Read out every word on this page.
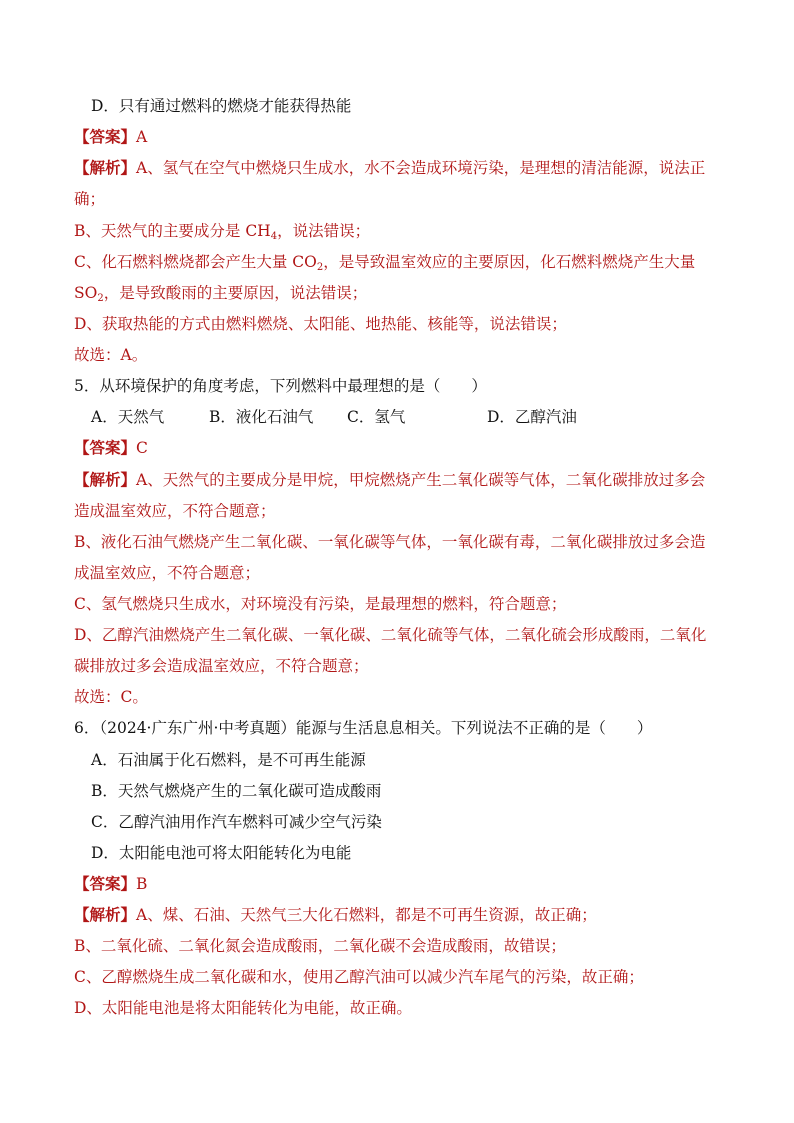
D．只有通过燃料的燃烧才能获得热能
【答案】A
【解析】A、氢气在空气中燃烧只生成水，水不会造成环境污染，是理想的清洁能源，说法正
确；
B、天然气的主要成分是 $CH_4$，说法错误；
C、化石燃料燃烧都会产生大量 $CO_2$，是导致温室效应的主要原因，化石燃料燃烧产生大量
$SO_2$，是导致酸雨的主要原因，说法错误；
D、获取热能的方式由燃料燃烧、太阳能、地热能、核能等，说法错误；
故选：A。
5．从环境保护的角度考虑，下列燃料中最理想的是（　　）
A．天然气	B．液化石油气 C．氢气	D．乙醇汽油
【答案】C
【解析】A、天然气的主要成分是甲烷，甲烷燃烧产生二氧化碳等气体，二氧化碳排放过多会
造成温室效应，不符合题意；
B、液化石油气燃烧产生二氧化碳、一氧化碳等气体，一氧化碳有毒，二氧化碳排放过多会造
成温室效应，不符合题意；
C、氢气燃烧只生成水，对环境没有污染，是最理想的燃料，符合题意；
D、乙醇汽油燃烧产生二氧化碳、一氧化碳、二氧化硫等气体，二氧化硫会形成酸雨，二氧化
碳排放过多会造成温室效应，不符合题意；
故选：C。
6．（2024·广东广州·中考真题）能源与生活息息相关。下列说法不正确的是（　　）
A．石油属于化石燃料，是不可再生能源
B．天然气燃烧产生的二氧化碳可造成酸雨
C．乙醇汽油用作汽车燃料可减少空气污染
D．太阳能电池可将太阳能转化为电能
【答案】B
【解析】A、煤、石油、天然气三大化石燃料，都是不可再生资源，故正确；
B、二氧化硫、二氧化氮会造成酸雨，二氧化碳不会造成酸雨，故错误；
C、乙醇燃烧生成二氧化碳和水，使用乙醇汽油可以减少汽车尾气的污染，故正确；
D、太阳能电池是将太阳能转化为电能，故正确。
